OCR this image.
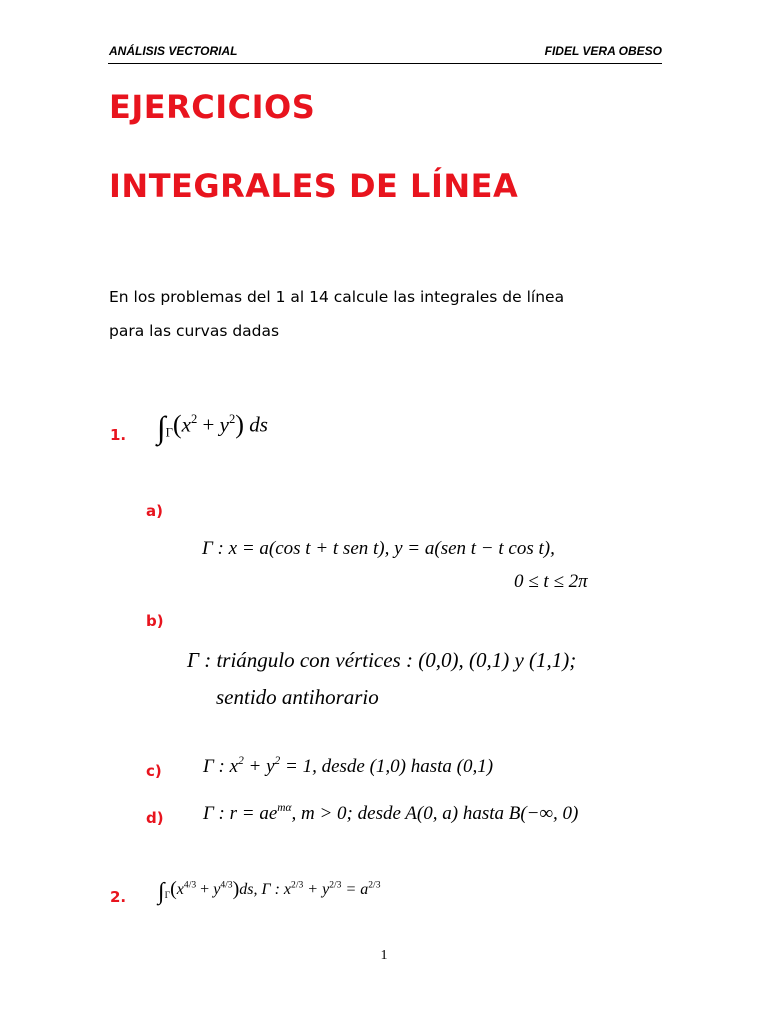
ANÁLISIS VECTORIAL	FIDEL VERA OBESO
EJERCICIOS
INTEGRALES DE LÍNEA
En los problemas del 1 al 14 calcule las integrales de línea
para las curvas dadas
1. $\int_\Gamma(x^2 + y^2)$ ds
a)
Γ : x = a(cos t + t sen t), y = a(sen t − t cos t),
0 ≤ t ≤ 2π
b)
Γ : triángulo con vértices : (0,0), (0,1) y (1,1);
sentido antihorario
c) Γ : $x^2 + y^2 = 1$, desde (1,0) hasta (0,1)
d) Γ : $r = ae^{m\alpha}$, m > 0; desde A(0, a) hasta B(−∞, 0)
2. $\int_\Gamma(x^{4/3} + y^{4/3})ds$, Γ : $x^{2/3} + y^{2/3} = a^{2/3}$
1
